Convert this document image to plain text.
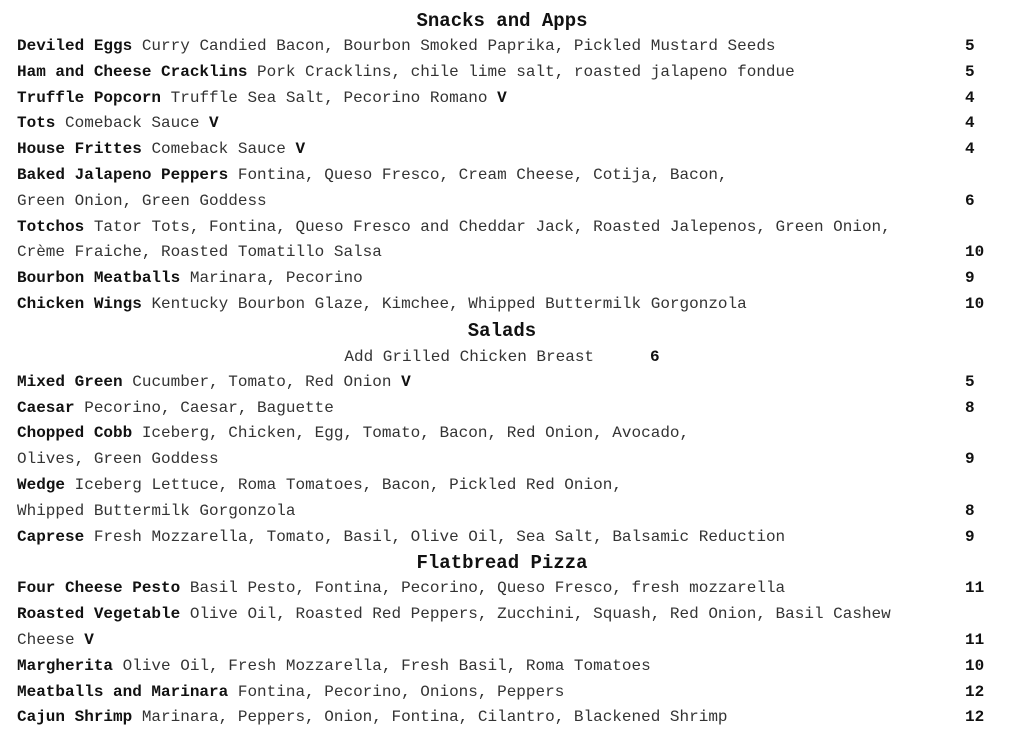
Snacks and Apps
Deviled Eggs Curry Candied Bacon, Bourbon Smoked Paprika, Pickled Mustard Seeds	5
Ham and Cheese Cracklins Pork Cracklins, chile lime salt, roasted jalapeno fondue	5
Truffle Popcorn Truffle Sea Salt, Pecorino Romano V	4
Tots Comeback Sauce V	4
House Frittes Comeback Sauce V	4
Baked Jalapeno Peppers Fontina, Queso Fresco, Cream Cheese, Cotija, Bacon,
Green Onion, Green Goddess	6
Totchos Tator Tots, Fontina, Queso Fresco and Cheddar Jack, Roasted Jalepenos, Green Onion, Crème Fraiche, Roasted Tomatillo Salsa	10
Bourbon Meatballs Marinara, Pecorino	9
Chicken Wings Kentucky Bourbon Glaze, Kimchee, Whipped Buttermilk Gorgonzola	10
Salads
Add Grilled Chicken Breast	6
Mixed Green Cucumber, Tomato, Red Onion V	5
Caesar Pecorino, Caesar, Baguette	8
Chopped Cobb Iceberg, Chicken, Egg, Tomato, Bacon, Red Onion, Avocado,
Olives, Green Goddess	9
Wedge Iceberg Lettuce, Roma Tomatoes, Bacon, Pickled Red Onion,
Whipped Buttermilk Gorgonzola	8
Caprese Fresh Mozzarella, Tomato, Basil, Olive Oil, Sea Salt, Balsamic Reduction	9
Flatbread Pizza
Four Cheese Pesto Basil Pesto, Fontina, Pecorino, Queso Fresco, fresh mozzarella	11
Roasted Vegetable Olive Oil, Roasted Red Peppers, Zucchini, Squash, Red Onion, Basil Cashew Cheese V	11
Margherita Olive Oil, Fresh Mozzarella, Fresh Basil, Roma Tomatoes	10
Meatballs and Marinara Fontina, Pecorino, Onions, Peppers	12
Cajun Shrimp Marinara, Peppers, Onion, Fontina, Cilantro, Blackened Shrimp	12
